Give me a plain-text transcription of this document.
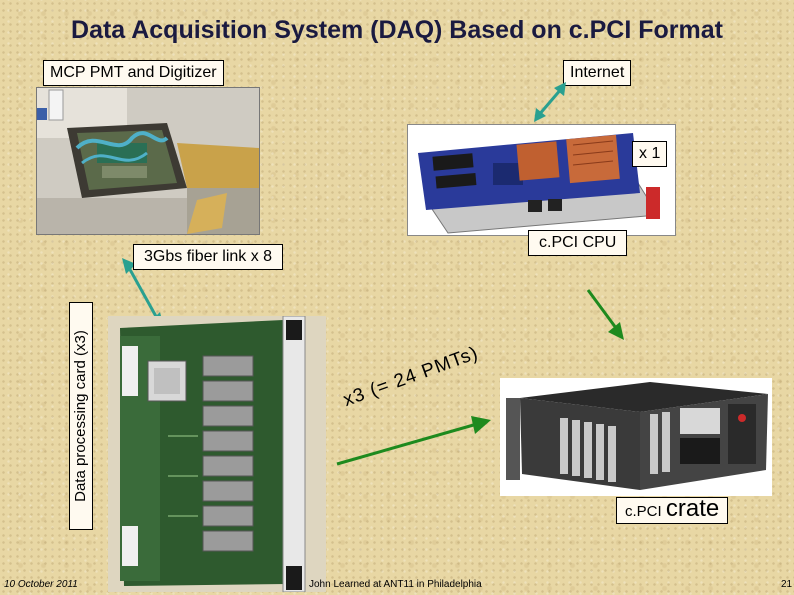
Data Acquisition System (DAQ) Based on c.PCI Format
MCP PMT and Digitizer	Internet
x 1
c.PCI CPU
3Gbs fiber link x 8
Data processing card (x3)	x3 (= 24 PMTs)
c.PCI crate
10 October 2011	John Learned at ANT11 in Philadelphia	21
